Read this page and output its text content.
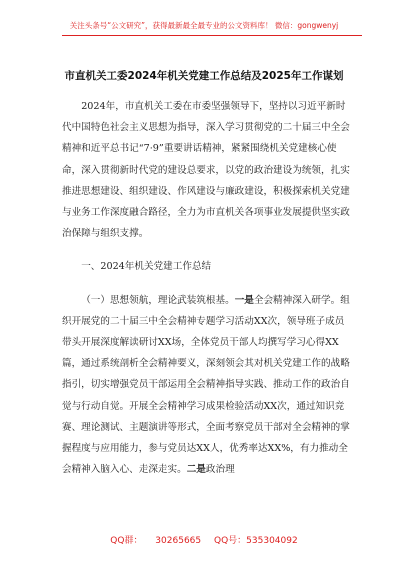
关注头条号“公文研究”，获得最新最全最专业的公文资料库！ 微信：gongwenyj
市直机关工委2024年机关党建工作总结及2025年工作谋划

2024年，市直机关工委在市委坚强领导下，坚持以习近平新时代中国特色社会主义思想为指导，深入学习贯彻党的二十届三中全会精神和近平总书记“7·9”重要讲话精神，紧紧围绕机关党建核心使命，深入贯彻新时代党的建设总要求，以党的政治建设为统领，扎实推进思想建设、组织建设、作风建设与廉政建设，积极探索机关党建与业务工作深度融合路径，全力为市直机关各项事业发展提供坚实政治保障与组织支撑。

一、2024年机关党建工作总结

（一）思想领航，理论武装筑根基。一是全会精神深入研学。组织开展党的二十届三中全会精神专题学习活动XX次，领导班子成员带头开展深度解读研讨XX场，全体党员干部人均撰写学习心得XX篇，通过系统剖析全会精神要义，深刻领会其对机关党建工作的战略指引，切实增强党员干部运用全会精神指导实践、推动工作的政治自觉与行动自觉。开展全会精神学习成果检验活动XX次，通过知识竞赛、理论测试、主题演讲等形式，全面考察党员干部对全会精神的掌握程度与应用能力，参与党员达XX人，优秀率达XX%，有力推动全会精神入脑入心、走深走实。二是政治理

QQ群： 30265665 QQ号：535304092
